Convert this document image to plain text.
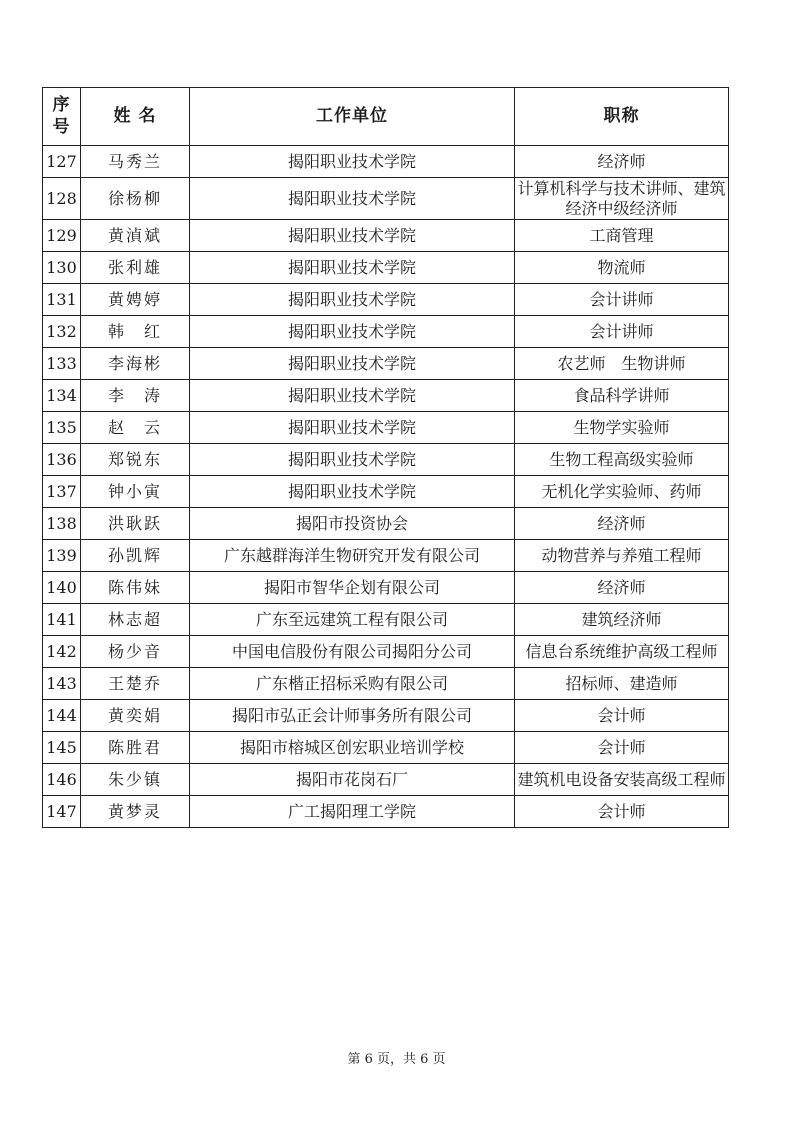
序
号	姓 名	工作单位	职称
127	马秀兰	揭阳职业技术学院	经济师
128	徐杨柳	揭阳职业技术学院	计算机科学与技术讲师、建筑
经济中级经济师
129	黄湞斌	揭阳职业技术学院	工商管理
130	张利雄	揭阳职业技术学院	物流师
131	黄娉婷	揭阳职业技术学院	会计讲师
132	韩　红	揭阳职业技术学院	会计讲师
133	李海彬	揭阳职业技术学院	农艺师　生物讲师
134	李　涛	揭阳职业技术学院	食品科学讲师
135	赵　云	揭阳职业技术学院	生物学实验师
136	郑锐东	揭阳职业技术学院	生物工程高级实验师
137	钟小寅	揭阳职业技术学院	无机化学实验师、药师
138	洪耿跃	揭阳市投资协会	经济师
139	孙凯辉	广东越群海洋生物研究开发有限公司	动物营养与养殖工程师
140	陈伟妹	揭阳市智华企划有限公司	经济师
141	林志超	广东至远建筑工程有限公司	建筑经济师
142	杨少音	中国电信股份有限公司揭阳分公司	信息台系统维护高级工程师
143	王楚乔	广东楷正招标采购有限公司	招标师、建造师
144	黄奕娟	揭阳市弘正会计师事务所有限公司	会计师
145	陈胜君	揭阳市榕城区创宏职业培训学校	会计师
146	朱少镇	揭阳市花岗石厂	建筑机电设备安装高级工程师
147	黄梦灵	广工揭阳理工学院	会计师
第 6 页，共 6 页
